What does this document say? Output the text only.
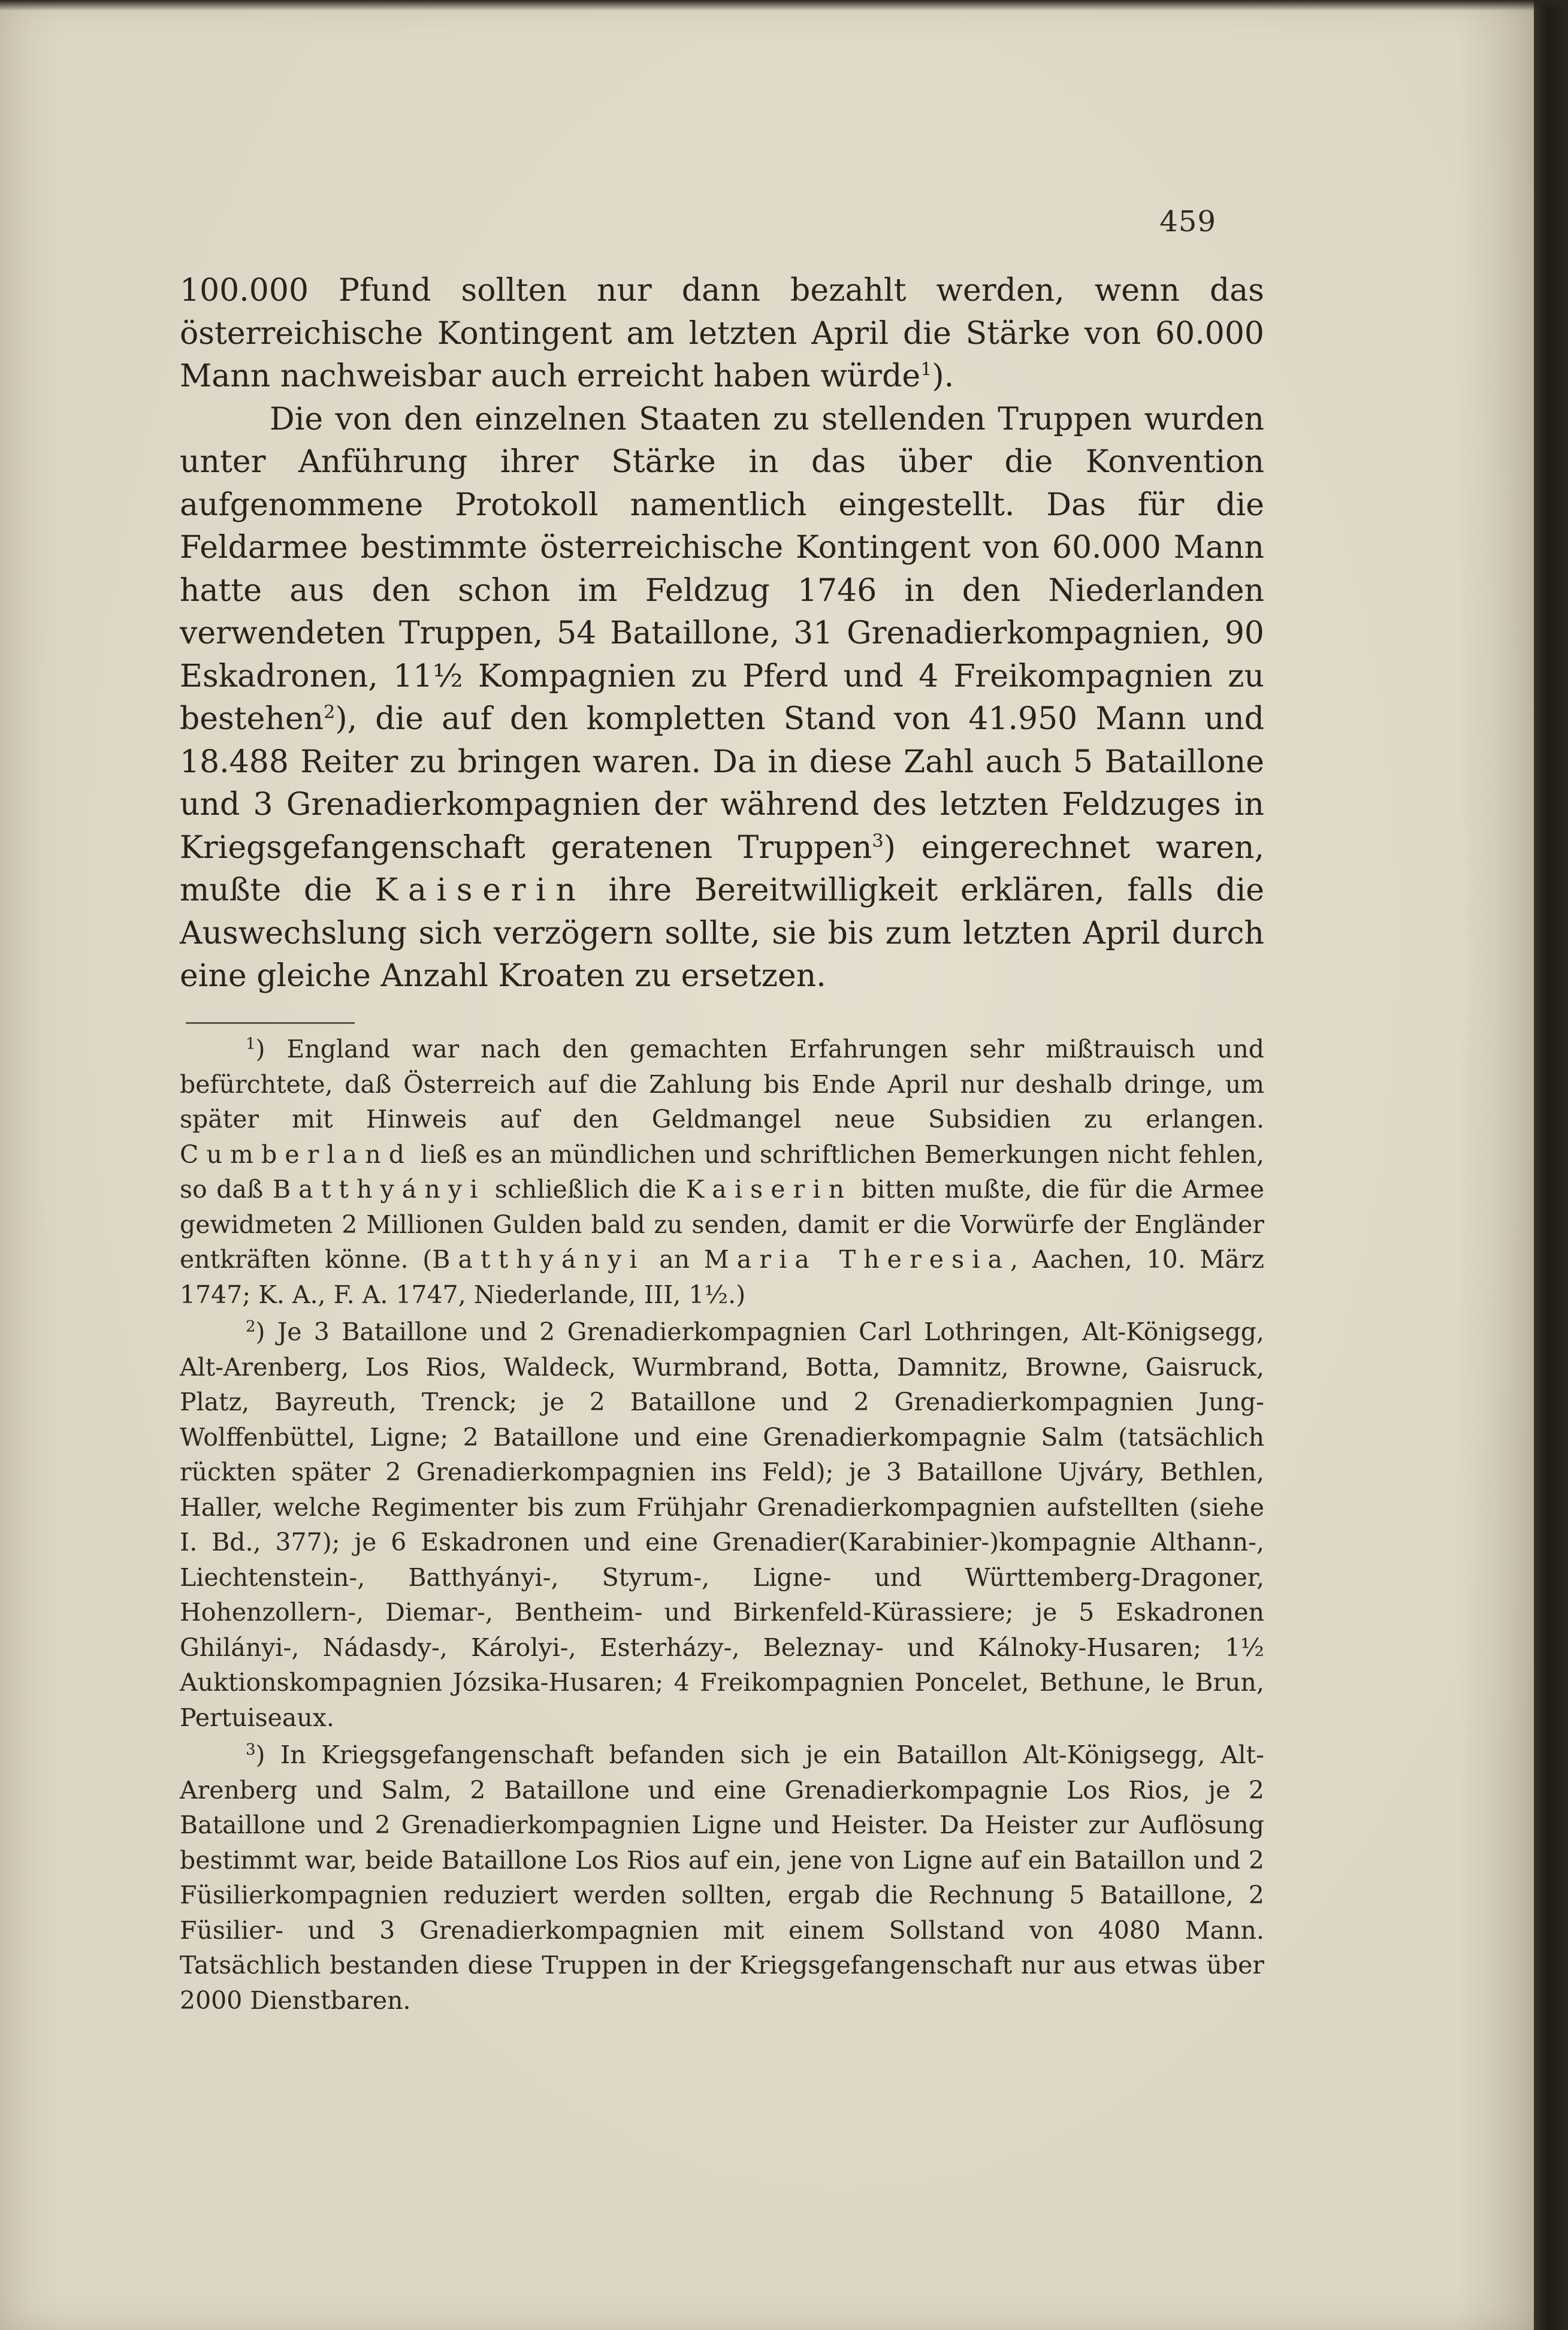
459

100.000 Pfund sollten nur dann bezahlt werden, wenn das österreichische Kontingent am letzten April die Stärke von 60.000 Mann nachweisbar auch erreicht haben würde$^1$).

Die von den einzelnen Staaten zu stellenden Truppen wurden unter Anführung ihrer Stärke in das über die Konvention aufgenommene Protokoll namentlich eingestellt. Das für die Feldarmee bestimmte österreichische Kontingent von 60.000 Mann hatte aus den schon im Feldzug 1746 in den Niederlanden verwendeten Truppen, 54 Bataillone, 31 Grenadierkompagnien, 90 Eskadronen, 11½ Kompagnien zu Pferd und 4 Freikompagnien zu bestehen$^2$), die auf den kompletten Stand von 41.950 Mann und 18.488 Reiter zu bringen waren. Da in diese Zahl auch 5 Bataillone und 3 Grenadierkompagnien der während des letzten Feldzuges in Kriegsgefangenschaft geratenen Truppen$^3$) eingerechnet waren, mußte die Kaiserin ihre Bereitwilligkeit erklären, falls die Auswechslung sich verzögern sollte, sie bis zum letzten April durch eine gleiche Anzahl Kroaten zu ersetzen.

$^1$) England war nach den gemachten Erfahrungen sehr mißtrauisch und befürchtete, daß Österreich auf die Zahlung bis Ende April nur deshalb dringe, um später mit Hinweis auf den Geldmangel neue Subsidien zu erlangen. Cumberland ließ es an mündlichen und schriftlichen Bemerkungen nicht fehlen, so daß Batthyányi schließlich die Kaiserin bitten mußte, die für die Armee gewidmeten 2 Millionen Gulden bald zu senden, damit er die Vorwürfe der Engländer entkräften könne. (Batthyányi an Maria Theresia, Aachen, 10. März 1747; K. A., F. A. 1747, Niederlande, III, 1½.)

$^2$) Je 3 Bataillone und 2 Grenadierkompagnien Carl Lothringen, Alt-Königsegg, Alt-Arenberg, Los Rios, Waldeck, Wurmbrand, Botta, Damnitz, Browne, Gaisruck, Platz, Bayreuth, Trenck; je 2 Bataillone und 2 Grenadierkompagnien Jung-Wolffenbüttel, Ligne; 2 Bataillone und eine Grenadierkompagnie Salm (tatsächlich rückten später 2 Grenadierkompagnien ins Feld); je 3 Bataillone Ujváry, Bethlen, Haller, welche Regimenter bis zum Frühjahr Grenadierkompagnien aufstellten (siehe I. Bd., 377); je 6 Eskadronen und eine Grenadier(Karabinier-)kompagnie Althann-, Liechtenstein-, Batthyányi-, Styrum-, Ligne- und Württemberg-Dragoner, Hohenzollern-, Diemar-, Bentheim- und Birkenfeld-Kürassiere; je 5 Eskadronen Ghilányi-, Nádasdy-, Károlyi-, Esterházy-, Beleznay- und Kálnoky-Husaren; 1½ Auktionskompagnien Józsika-Husaren; 4 Freikompagnien Poncelet, Bethune, le Brun, Pertuiseaux.

$^3$) In Kriegsgefangenschaft befanden sich je ein Bataillon Alt-Königsegg, Alt-Arenberg und Salm, 2 Bataillone und eine Grenadierkompagnie Los Rios, je 2 Bataillone und 2 Grenadierkompagnien Ligne und Heister. Da Heister zur Auflösung bestimmt war, beide Bataillone Los Rios auf ein, jene von Ligne auf ein Bataillon und 2 Füsilierkompagnien reduziert werden sollten, ergab die Rechnung 5 Bataillone, 2 Füsilier- und 3 Grenadierkompagnien mit einem Sollstand von 4080 Mann. Tatsächlich bestanden diese Truppen in der Kriegsgefangenschaft nur aus etwas über 2000 Dienstbaren.
